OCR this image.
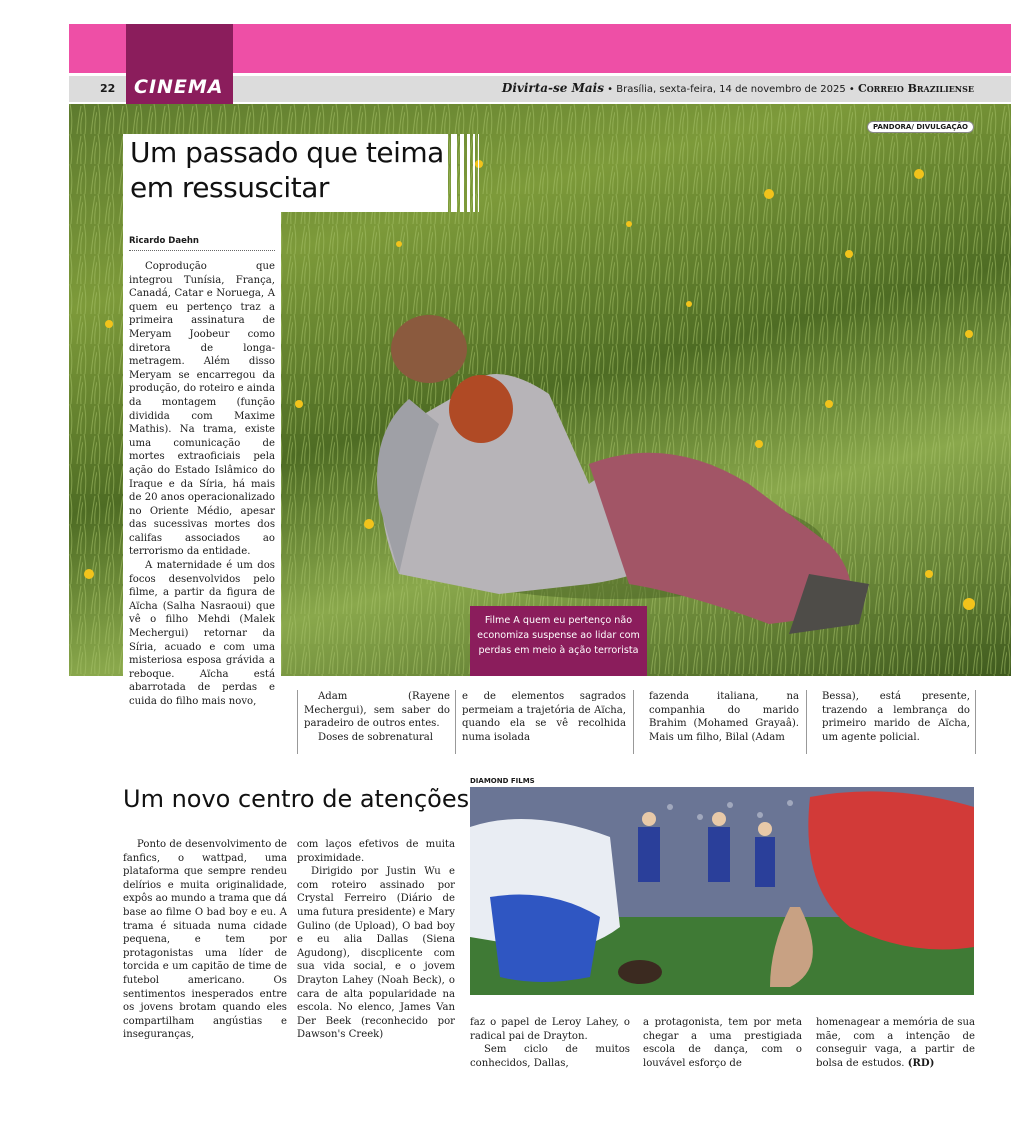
CINEMA
22	Divirta-se Mais • Brasília, sexta-feira, 14 de novembro de 2025 • Correio Braziliense
PANDORA/ DIVULGAÇÃO
Filme A quem eu pertenço não economiza suspense ao lidar com perdas em meio à ação terrorista
Um passado que teima em ressuscitar
Ricardo Daehn

Coprodução que integrou Tunísia, França, Canadá, Catar e Noruega, A quem eu pertenço traz a primeira assinatura de Meryam Joobeur como diretora de longa-metragem. Além disso Meryam se encarregou da produção, do roteiro e ainda da montagem (função dividida com Maxime Mathis). Na trama, existe uma comunicação de mortes extraoficiais pela ação do Estado Islâmico do Iraque e da Síria, há mais de 20 anos operacionalizado no Oriente Médio, apesar das sucessivas mortes dos califas associados ao terrorismo da entidade.

A maternidade é um dos focos desenvolvidos pelo filme, a partir da figura de Aïcha (Salha Nasraoui) que vê o filho Mehdi (Malek Mechergui) retornar da Síria, acuado e com uma misteriosa esposa grávida a reboque. Aïcha está abarrotada de perdas e cuida do filho mais novo,	Adam (Rayene Mechergui), sem saber do paradeiro de outros entes.

Doses de sobrenatural

e de elementos sagrados permeiam a trajetória de Aïcha, quando ela se vê recolhida numa isolada

fazenda italiana, na companhia do marido Brahim (Mohamed Grayaâ). Mais um filho, Bilal (Adam

Bessa), está presente, trazendo a lembrança do primeiro marido de Aïcha, um agente policial.

Um novo centro de atenções
DIAMOND FILMS

Ponto de desenvolvimento de fanfics, o wattpad, uma plataforma que sempre rendeu delírios e muita originalidade, expôs ao mundo a trama que dá base ao filme O bad boy e eu. A trama é situada numa cidade pequena, e tem por protagonistas uma líder de torcida e um capitão de time de futebol americano. Os sentimentos inesperados entre os jovens brotam quando eles compartilham angústias e inseguranças,

com laços efetivos de muita proximidade.

Dirigido por Justin Wu e com roteiro assinado por Crystal Ferreiro (Diário de uma futura presidente) e Mary Gulino (de Upload), O bad boy e eu alia Dallas (Siena Agudong), discplicente com sua vida social, e o jovem Drayton Lahey (Noah Beck), o cara de alta popularidade na escola. No elenco, James Van Der Beek (reconhecido por Dawson's Creek)

faz o papel de Leroy Lahey, o radical pai de Drayton.

Sem ciclo de muitos conhecidos, Dallas,

a protagonista, tem por meta chegar a uma prestigiada escola de dança, com o louvável esforço de

homenagear a memória de sua mãe, com a intenção de conseguir vaga, a partir de bolsa de estudos. (RD)
